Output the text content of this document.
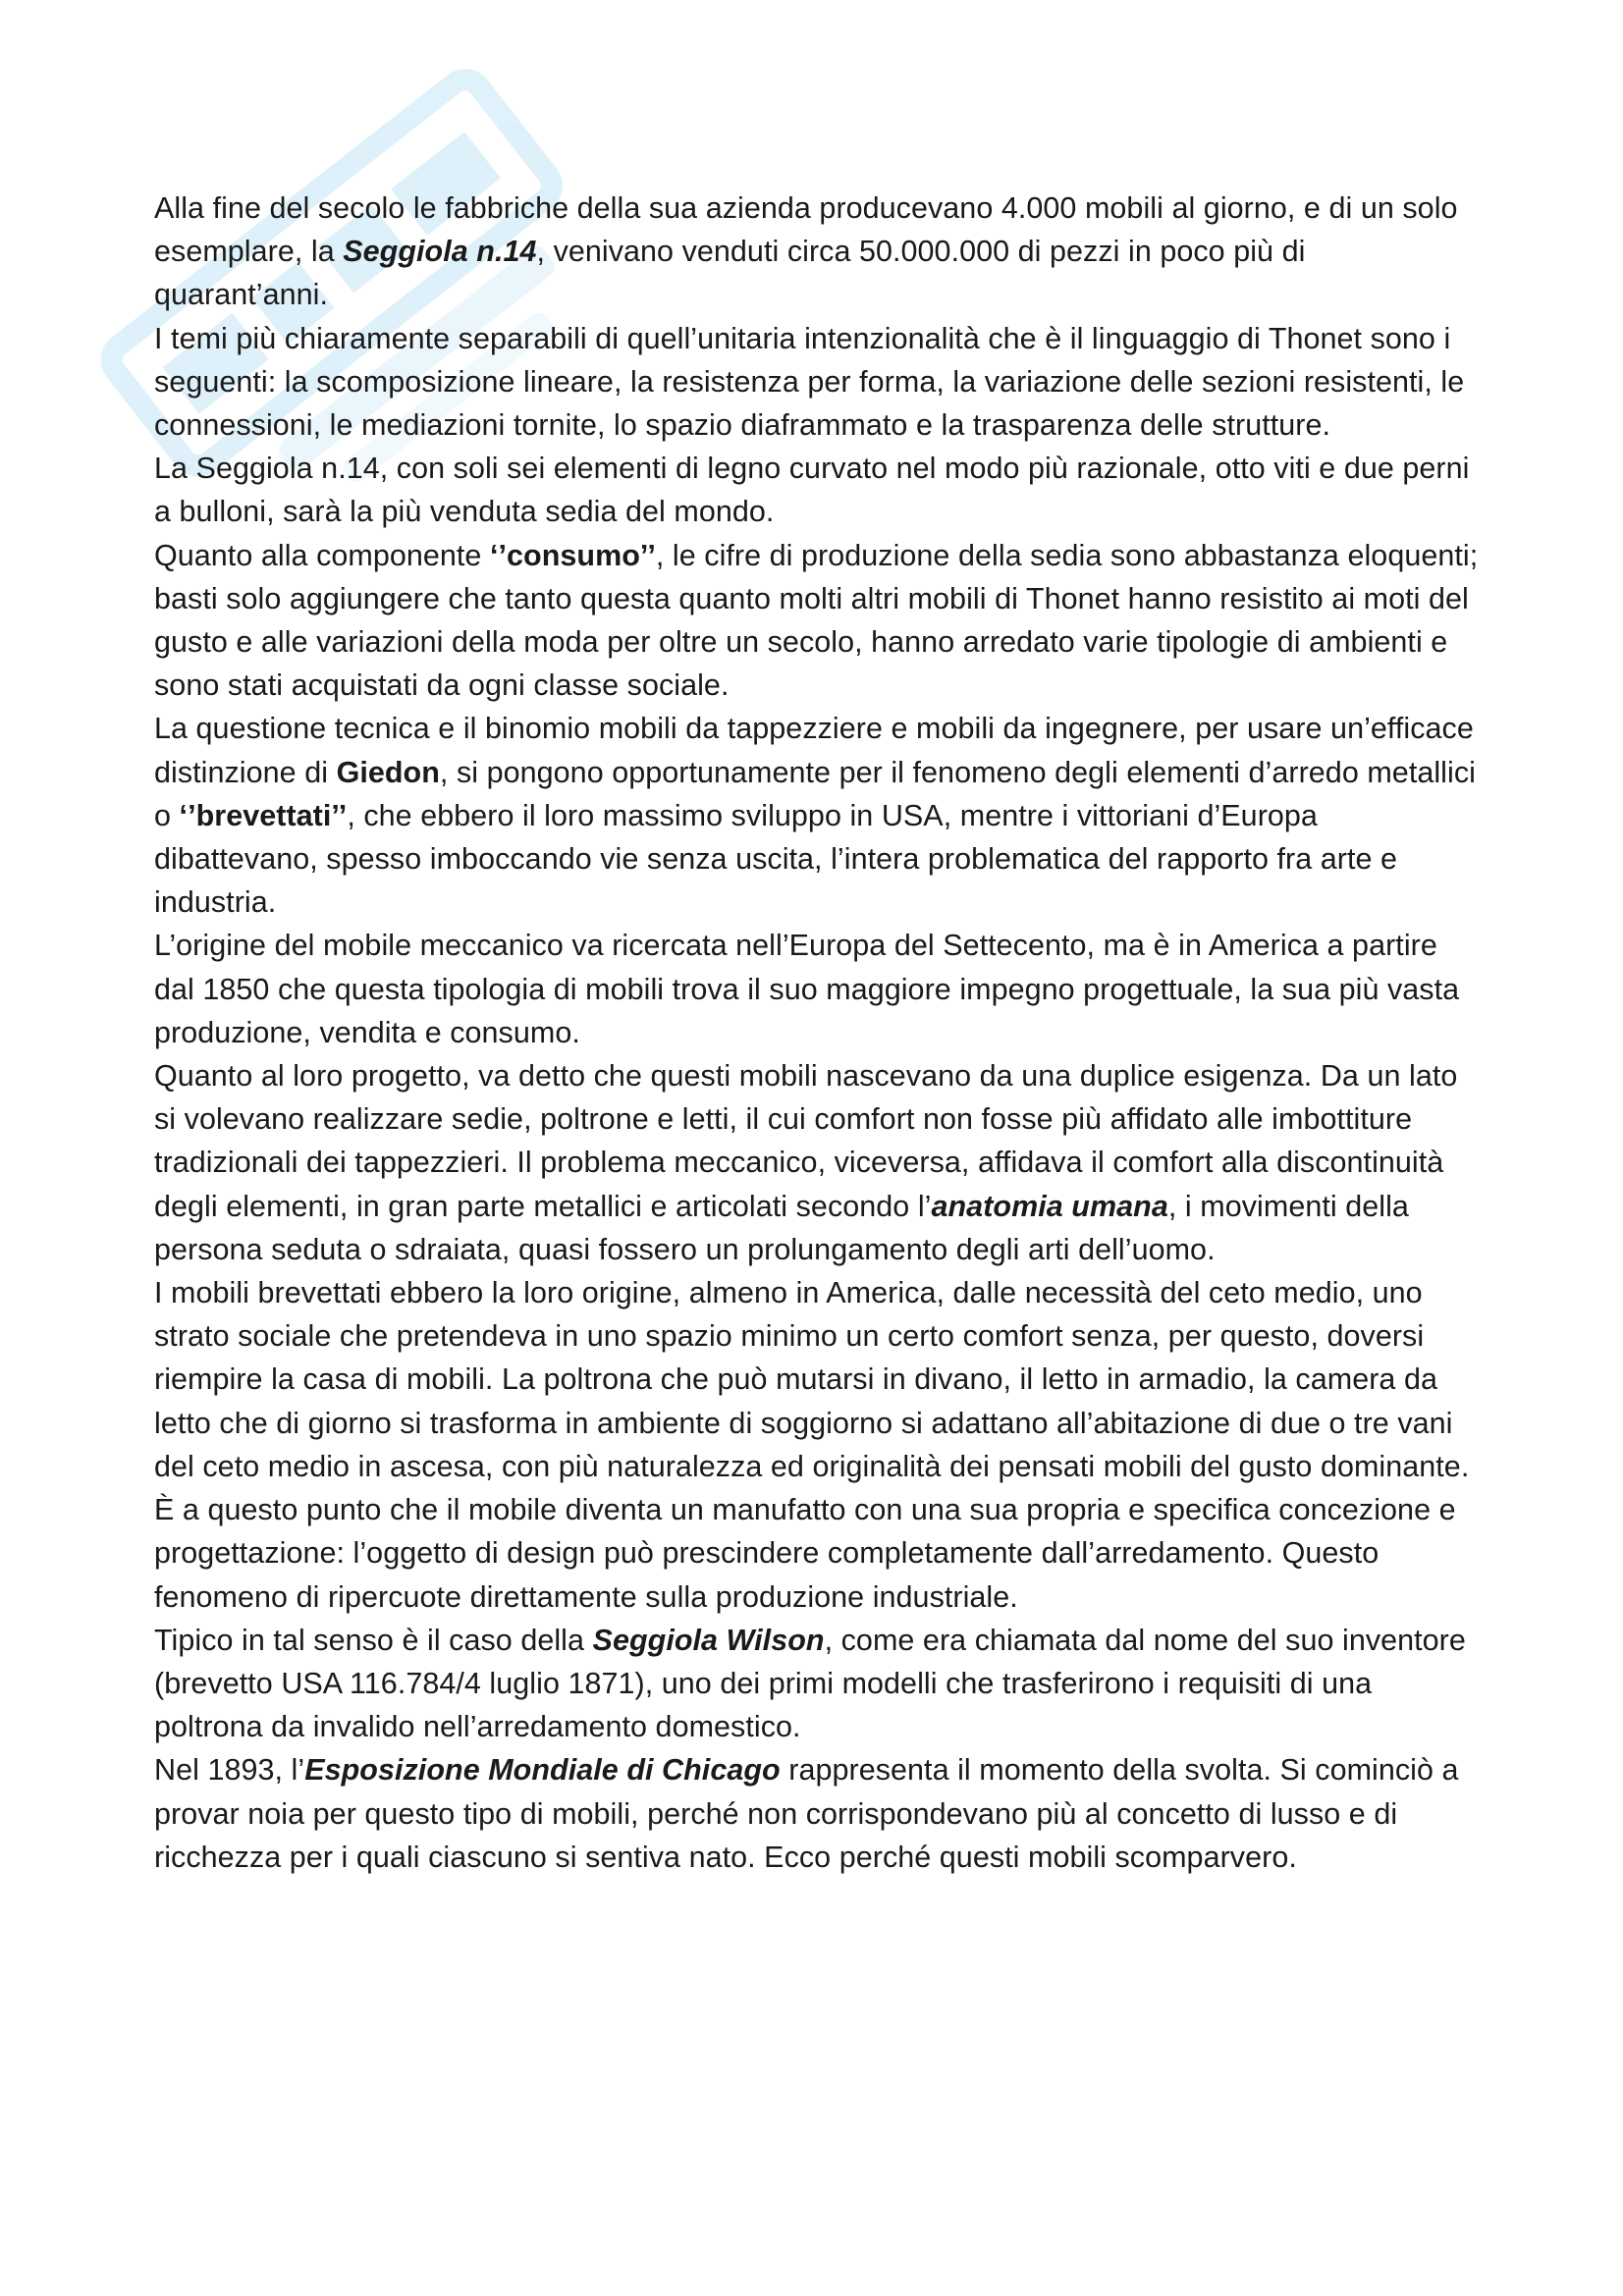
Alla fine del secolo le fabbriche della sua azienda producevano 4.000 mobili al giorno, e di un solo esemplare, la Seggiola n.14, venivano venduti circa 50.000.000 di pezzi in poco più di quarant’anni.

I temi più chiaramente separabili di quell’unitaria intenzionalità che è il linguaggio di Thonet sono i seguenti: la scomposizione lineare, la resistenza per forma, la variazione delle sezioni resistenti, le connessioni, le mediazioni tornite, lo spazio diaframmato e la trasparenza delle strutture.

La Seggiola n.14, con soli sei elementi di legno curvato nel modo più razionale, otto viti e due perni a bulloni, sarà la più venduta sedia del mondo.

Quanto alla componente ‘’consumo’’, le cifre di produzione della sedia sono abbastanza eloquenti; basti solo aggiungere che tanto questa quanto molti altri mobili di Thonet hanno resistito ai moti del gusto e alle variazioni della moda per oltre un secolo, hanno arredato varie tipologie di ambienti e sono stati acquistati da ogni classe sociale.

La questione tecnica e il binomio mobili da tappezziere e mobili da ingegnere, per usare un’efficace distinzione di Giedon, si pongono opportunamente per il fenomeno degli elementi d’arredo metallici o ‘’brevettati’’, che ebbero il loro massimo sviluppo in USA, mentre i vittoriani d’Europa dibattevano, spesso imboccando vie senza uscita, l’intera problematica del rapporto fra arte e industria.

L’origine del mobile meccanico va ricercata nell’Europa del Settecento, ma è in America a partire dal 1850 che questa tipologia di mobili trova il suo maggiore impegno progettuale, la sua più vasta produzione, vendita e consumo.

Quanto al loro progetto, va detto che questi mobili nascevano da una duplice esigenza. Da un lato si volevano realizzare sedie, poltrone e letti, il cui comfort non fosse più affidato alle imbottiture tradizionali dei tappezzieri. Il problema meccanico, viceversa, affidava il comfort alla discontinuità degli elementi, in gran parte metallici e articolati secondo l’anatomia umana, i movimenti della persona seduta o sdraiata, quasi fossero un prolungamento degli arti dell’uomo.

I mobili brevettati ebbero la loro origine, almeno in America, dalle necessità del ceto medio, uno strato sociale che pretendeva in uno spazio minimo un certo comfort senza, per questo, doversi riempire la casa di mobili. La poltrona che può mutarsi in divano, il letto in armadio, la camera da letto che di giorno si trasforma in ambiente di soggiorno si adattano all’abitazione di due o tre vani del ceto medio in ascesa, con più naturalezza ed originalità dei pensati mobili del gusto dominante.

È a questo punto che il mobile diventa un manufatto con una sua propria e specifica concezione e progettazione: l’oggetto di design può prescindere completamente dall’arredamento. Questo fenomeno di ripercuote direttamente sulla produzione industriale.

Tipico in tal senso è il caso della Seggiola Wilson, come era chiamata dal nome del suo inventore (brevetto USA 116.784/4 luglio 1871), uno dei primi modelli che trasferirono i requisiti di una poltrona da invalido nell’arredamento domestico.

Nel 1893, l’Esposizione Mondiale di Chicago rappresenta il momento della svolta. Si cominciò a provar noia per questo tipo di mobili, perché non corrispondevano più al concetto di lusso e di ricchezza per i quali ciascuno si sentiva nato. Ecco perché questi mobili scomparvero.
